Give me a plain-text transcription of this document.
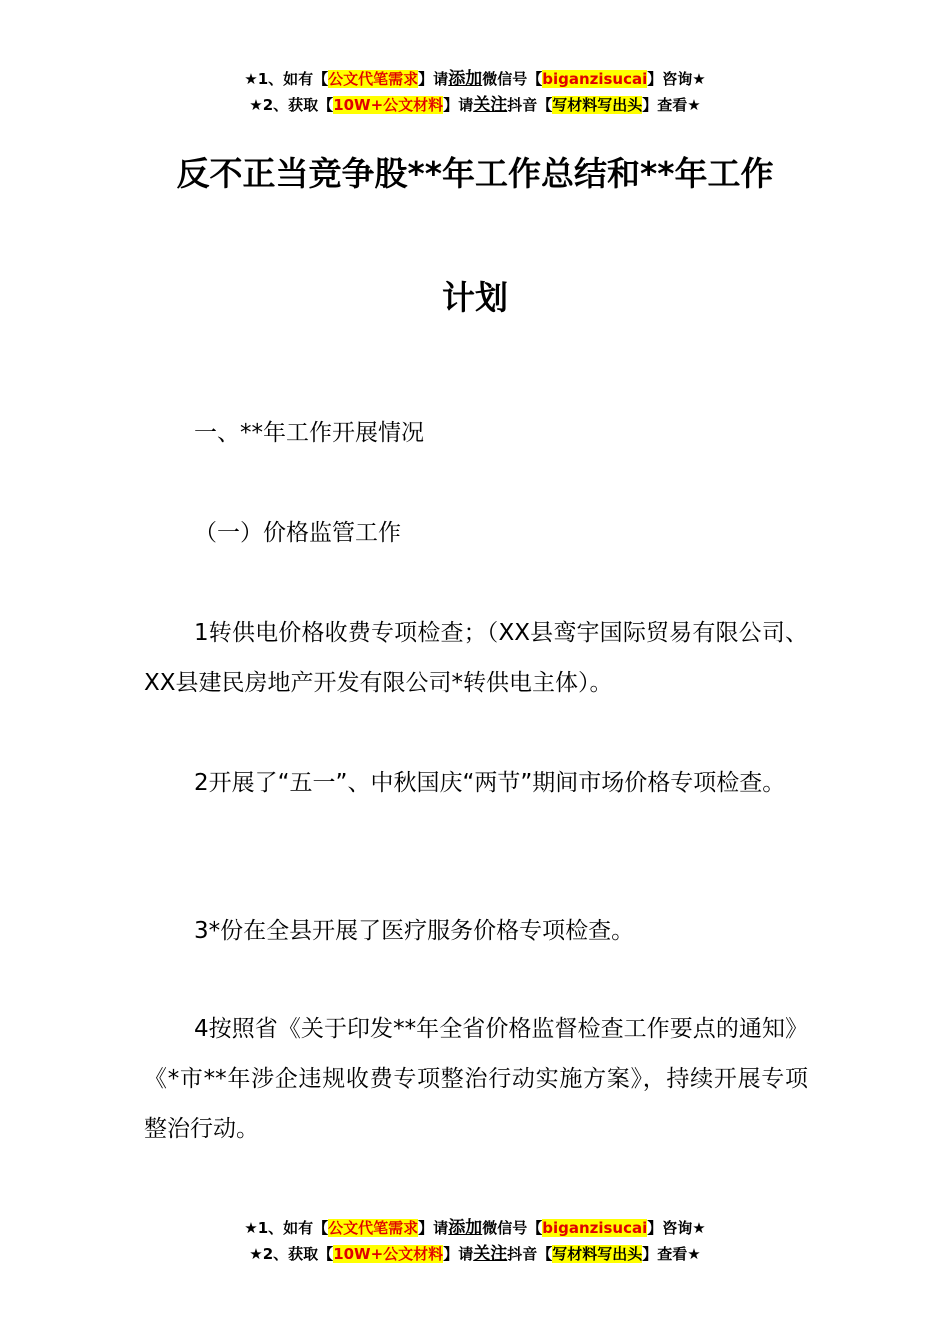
★1、如有【公文代笔需求】请添加微信号【biganzisucai】咨询★
★2、获取【10W+公文材料】请关注抖音【写材料写出头】查看★
反不正当竞争股**年工作总结和**年工作
计划

一、**年工作开展情况

（一）价格监管工作

1转供电价格收费专项检查；（XX县鸾宇国际贸易有限公司、XX县建民房地产开发有限公司*转供电主体）。

2开展了“五一”、中秋国庆“两节”期间市场价格专项检查。

3*份在全县开展了医疗服务价格专项检查。

4按照省《关于印发**年全省价格监督检查工作要点的通知》《*市**年涉企违规收费专项整治行动实施方案》，持续开展专项整治行动。

★1、如有【公文代笔需求】请添加微信号【biganzisucai】咨询★
★2、获取【10W+公文材料】请关注抖音【写材料写出头】查看★
